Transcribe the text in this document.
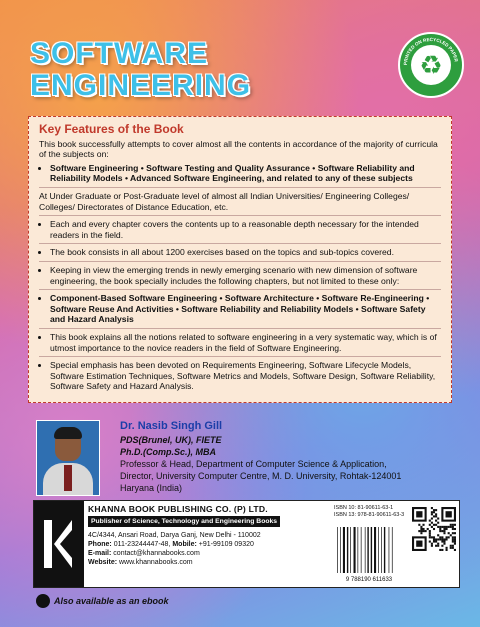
SOFTWARE
ENGINEERING
PRINTED ON RECYCLED PAPER
♻
Key Features of the Book

This book successfully attempts to cover almost all the contents in accordance of the majority of curricula of the subjects on:

• Software Engineering • Software Testing and Quality Assurance • Software Reliability and Reliability Models • Advanced Software Engineering, and related to any of these subjects

At Under Graduate or Post-Graduate level of almost all Indian Universities/ Engineering Colleges/ Colleges/ Directorates of Distance Education, etc.

• Each and every chapter covers the contents up to a reasonable depth necessary for the intended readers in the field.
• The book consists in all about 1200 exercises based on the topics and sub-topics covered.
• Keeping in view the emerging trends in newly emerging scenario with new dimension of software engineering, the book specially includes the following chapters, but not limited to these only:
• Component-Based Software Engineering • Software Architecture • Software Re-Engineering • Software Reuse And Activities • Software Reliability and Reliability Models • Software Safety and Hazard Analysis
• This book explains all the notions related to software engineering in a very systematic way, which is of utmost importance to the novice readers in the field of Software Engineering.
• Special emphasis has been devoted on Requirements Engineering, Software Lifecycle Models, Software Estimation Techniques, Software Metrics and Models, Software Design, Software Reliability, Software Safety and Hazard Analysis.
Dr. Nasib Singh Gill
PDS(Brunel, UK), FIETE
Ph.D.(Comp.Sc.), MBA
Professor & Head, Department of Computer Science & Application,
Director, University Computer Centre, M. D. University, Rohtak-124001
Haryana (India)
KHANNA BOOK PUBLISHING CO. (P) LTD.
Publisher of Science, Technology and Engineering Books
4C/4344, Ansari Road, Darya Ganj, New Delhi - 110002
Phone: 011-23244447-48, Mobile: +91-99109 09320
E-mail: contact@khannabooks.com
Website: www.khannabooks.com
ISBN 10: 81-90611-63-1
ISBN 13: 978-81-90611-63-3
9 788190 611633
Also available as an ebook
